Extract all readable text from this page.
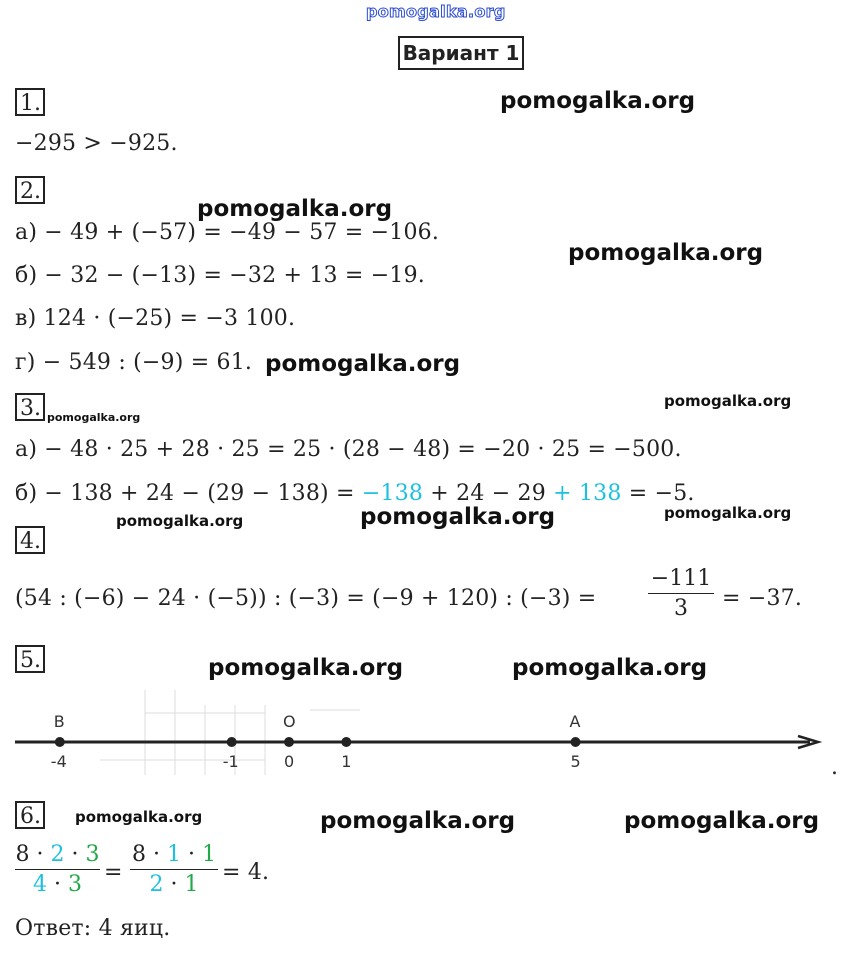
pomogalka.org
Вариант 1
pomogalka.org
pomogalka.org
pomogalka.org
pomogalka.org
pomogalka.org
pomogalka.org
pomogalka.org	pomogalka.org	pomogalka.org
pomogalka.org	pomogalka.org
pomogalka.org	pomogalka.org	pomogalka.org
1.
−295 > −925.
2.
а) − 49 + (−57) = −49 − 57 = −106.
б) − 32 − (−13) = −32 + 13 = −19.
в) 124 · (−25) = −3 100.
г) − 549 : (−9) = 61.
3.
а) − 48 · 25 + 28 · 25 = 25 · (28 − 48) = −20 · 25 = −500.
б) − 138 + 24 − (29 − 138) = −138 + 24 − 29 + 138 = −5.
4.
(54 : (−6) − 24 · (−5)) : (−3) = (−9 + 120) : (−3) =
−111
3	= −37.
5.
B
-4	-1
O
0	1
A
5	.
6.
8 · 2 · 3
4 · 3	=
8 · 1 · 1
2 · 1	= 4.
Ответ: 4 яиц.
